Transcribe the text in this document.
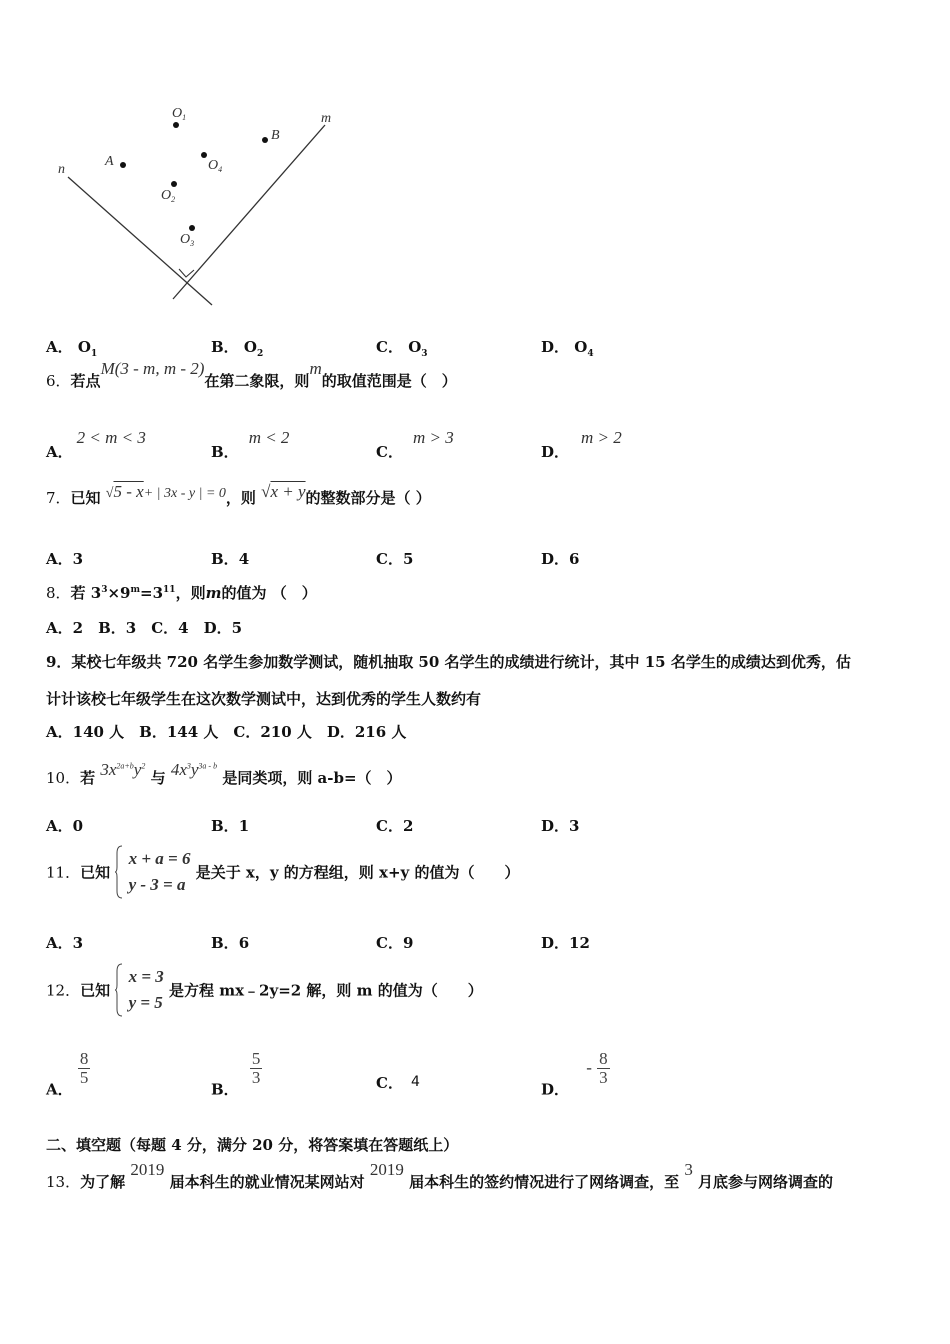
$O_1$
A	$O_4$
B
$O_2$
$O_3$
m
n
A． $O_1$	B． $O_2$	C． $O_3$	D． $O_4$
6．若点M(3 - m, m - 2)在第二象限，则m的取值范围是（　）
A．2 < m < 3
B．m < 2
C．m > 3
D．m > 2
7．已知 √5 - x+ | 3x - y | = 0，则 √x + y的整数部分是（ ）
A．3	B．4	C．5	D．6
8．若 $3^3\times 9^m=3^{11}$，则m的值为 （　）
A．2　B．3　C．4　D．5
9．某校七年级共 720 名学生参加数学测试，随机抽取 50 名学生的成绩进行统计，其中 15 名学生的成绩达到优秀，估
计计该校七年级学生在这次数学测试中，达到优秀的学生人数约有
A．140 人　B．144 人　C．210 人　D．216 人
10．若 $3x^{2a+b}y^2$ 与 $4x^3y^{3a - b}$ 是同类项，则 a-b=（　）
A．0	B．1	C．2	D．3
11．已知
x + a = 6
y - 3 = a
是关于 x，y 的方程组，则 x+y 的值为（　　）
A．3	B．6	C．9	D．12
12．已知
x = 3
y = 5
是方程 mx﹣2y=2 解，则 m 的值为（　　）
A．
$\frac{8}{5}$
B．
$\frac{5}{3}$	C． 4	D． - $\frac{8}{3}$
二、填空题（每题 4 分，满分 20 分，将答案填在答题纸上）
13．为了解 2019 届本科生的就业情况某网站对 2019 届本科生的签约情况进行了网络调查，至 3 月底参与网络调查的
